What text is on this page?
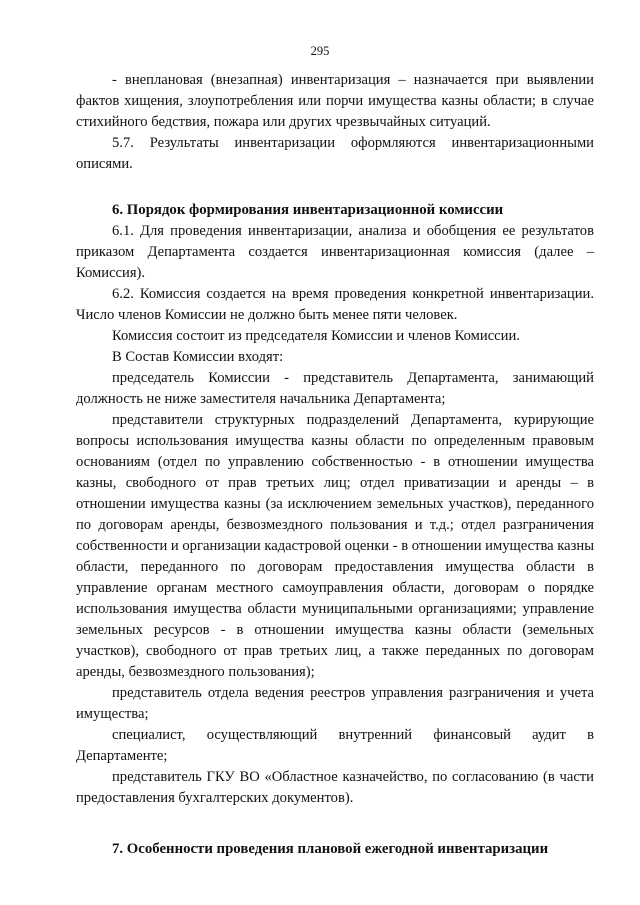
295

- внеплановая (внезапная) инвентаризация – назначается при выявлении фактов хищения, злоупотребления или порчи имущества казны области; в случае стихийного бедствия, пожара или других чрезвычайных ситуаций.

5.7. Результаты инвентаризации оформляются инвентаризационными описями.

6. Порядок формирования инвентаризационной комиссии

6.1. Для проведения инвентаризации, анализа и обобщения ее результатов приказом Департамента создается инвентаризационная комиссия (далее – Комиссия).

6.2. Комиссия создается на время проведения конкретной инвентаризации. Число членов Комиссии не должно быть менее пяти человек.

Комиссия состоит из председателя Комиссии и членов Комиссии.

В Состав Комиссии входят:

председатель Комиссии - представитель Департамента, занимающий должность не ниже заместителя начальника Департамента;

представители структурных подразделений Департамента, курирующие вопросы использования имущества казны области по определенным правовым основаниям (отдел по управлению собственностью - в отношении имущества казны, свободного от прав третьих лиц; отдел приватизации и аренды – в отношении имущества казны (за исключением земельных участков), переданного по договорам аренды, безвозмездного пользования и т.д.; отдел разграничения собственности и организации кадастровой оценки - в отношении имущества казны области, переданного по договорам предоставления имущества области в управление органам местного самоуправления области, договорам о порядке использования имущества области муниципальными организациями; управление земельных ресурсов - в отношении имущества казны области (земельных участков), свободного от прав третьих лиц, а также переданных по договорам аренды, безвозмездного пользования);

представитель отдела ведения реестров управления разграничения и учета имущества;

специалист, осуществляющий внутренний финансовый аудит в Департаменте;

представитель ГКУ ВО «Областное казначейство, по согласованию (в части предоставления бухгалтерских документов).

7. Особенности проведения плановой ежегодной инвентаризации
